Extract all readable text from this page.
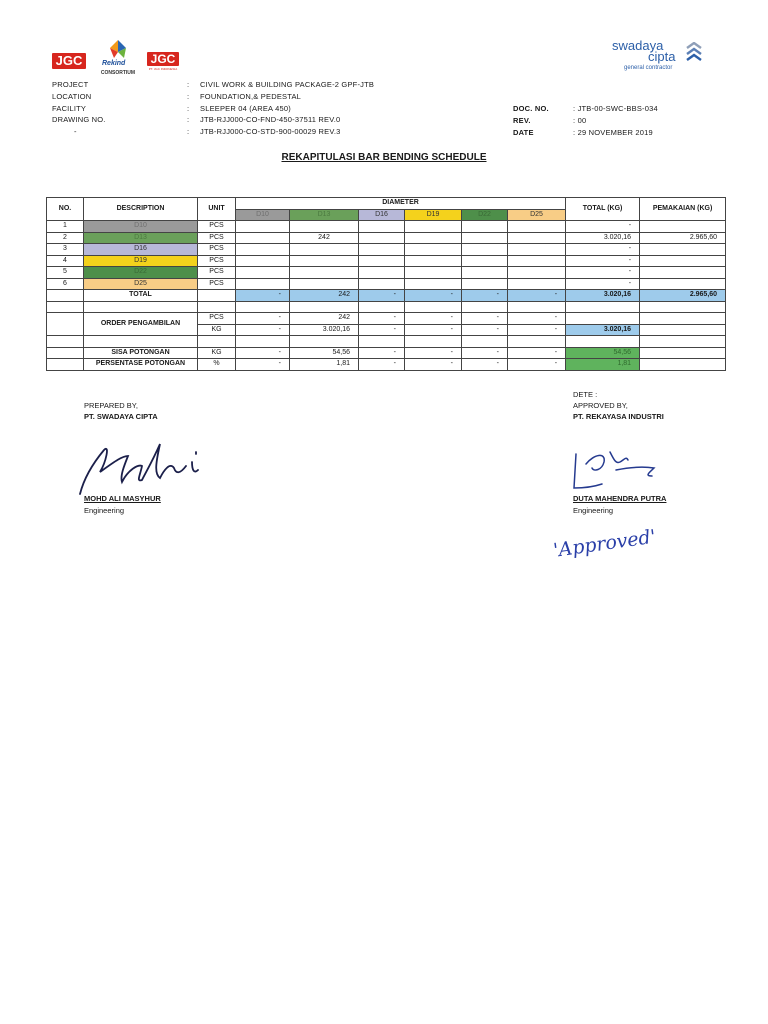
JGC	Rekind
CONSORTIUM
JGC
PT. JGC INDONESIA
swadaya
cipta
general contractor
PROJECT	: CIVIL WORK & BUILDING PACKAGE-2 GPF-JTB
LOCATION	: FOUNDATION,& PEDESTAL
FACILITY	: SLEEPER 04 (AREA 450)
DRAWING NO.	: JTB-RJJ000-CO-FND-450-37511 REV.0
-	: JTB-RJJ000-CO-STD-900-00029 REV.3
DOC. NO.	: JTB-00-SWC-BBS-034
REV.	: 00
DATE	: 29 NOVEMBER 2019
REKAPITULASI BAR BENDING SCHEDULE
NO.	DESCRIPTION	UNIT	DIAMETER						TOTAL (KG)	PEMAKAIAN (KG)
			D10	D13	D16	D19	D22	D25		
1	D10	PCS							-	
2	D13	PCS		242					3.020,16	2.965,60
3	D16	PCS							-	
4	D19	PCS							-	
5	D22	PCS							-	
6	D25	PCS							-	
	TOTAL		-	242	-	-	-	-	3.020,16	2.965,60

	ORDER PENGAMBILAN	PCS	-	242	-	-	-	-		
		KG	-	3.020,16	-	-	-	-	3.020,16	

	SISA POTONGAN	KG	-	54,56	-	-	-	-	54,56	
	PERSENTASE POTONGAN	%	-	1,81	-	-	-	-	1,81	
PREPARED BY,
PT. SWADAYA CIPTA
MOHD ALI MASYHUR
Engineering
DETE :
APPROVED BY,
PT. REKAYASA INDUSTRI
DUTA MAHENDRA PUTRA
Engineering
'Approved'
